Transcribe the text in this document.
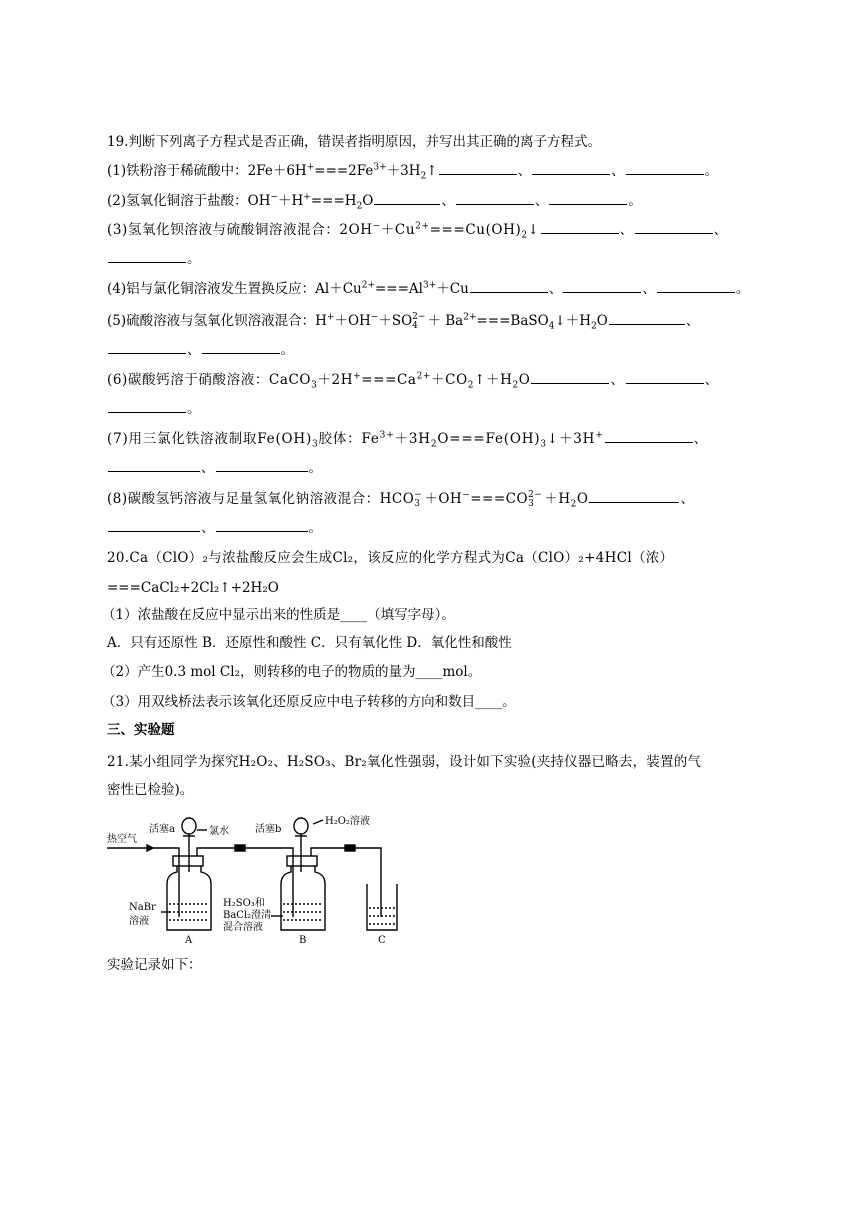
19.判断下列离子方程式是否正确，错误者指明原因，并写出其正确的离子方程式。
(1)铁粉溶于稀硫酸中：$2Fe+6H^+===2Fe^{3+}+3H_2↑$	、	、	。
(2)氢氧化铜溶于盐酸：$OH^-+H^+===H_2O$	、	、	。
(3)氢氧化钡溶液与硫酸铜溶液混合：$2OH^-+Cu^{2+}===Cu(OH)_2↓$	、	、
。
(4)铝与氯化铜溶液发生置换反应：$Al+Cu^{2+}===Al^{3+}+Cu$	、	、	。
(5)硫酸溶液与氢氧化钡溶液混合：H+＋OH−＋SO 2−
$4 + Ba^{2+}===BaSO_4↓+H_2O$	、
、	。
(6)碳酸钙溶于硝酸溶液：$CaCO_3+2H^+===Ca^{2+}+CO_2↑+H_2O$	、	、
。
(7)用三氯化铁溶液制取$Fe(OH)_3$胶体：$Fe^{3+}+3H_2O===Fe(OH)_3↓+3H^+$	、
、	。
(8)碳酸氢钙溶液与足量氢氧化钠溶液混合：HCO −
3 ＋OH−===CO 2−
$3 +H_2O$	、
、	。
20.Ca（ClO）₂与浓盐酸反应会生成Cl₂，该反应的化学方程式为Ca（ClO）₂+4HCl（浓）
===CaCl₂+2Cl₂↑+2H₂O
（1）浓盐酸在反应中显示出来的性质是____（填写字母）。
A．只有还原性 B．还原性和酸性 C．只有氧化性 D．氧化性和酸性
（2）产生0.3 mol Cl₂，则转移的电子的物质的量为____mol。
（3）用双线桥法表示该氧化还原反应中电子转移的方向和数目____。
三、实验题
21.某小组同学为探究H₂O₂、H₂SO₃、Br₂氧化性强弱，设计如下实验(夹持仪器已略去，装置的气
密性已检验)。
热空气
活塞a	氯水	活塞b
H₂O₂溶液
NaBr
溶液
H₂SO₃和
BaCl₂澄清
混合溶液
A	B	C
实验记录如下：
